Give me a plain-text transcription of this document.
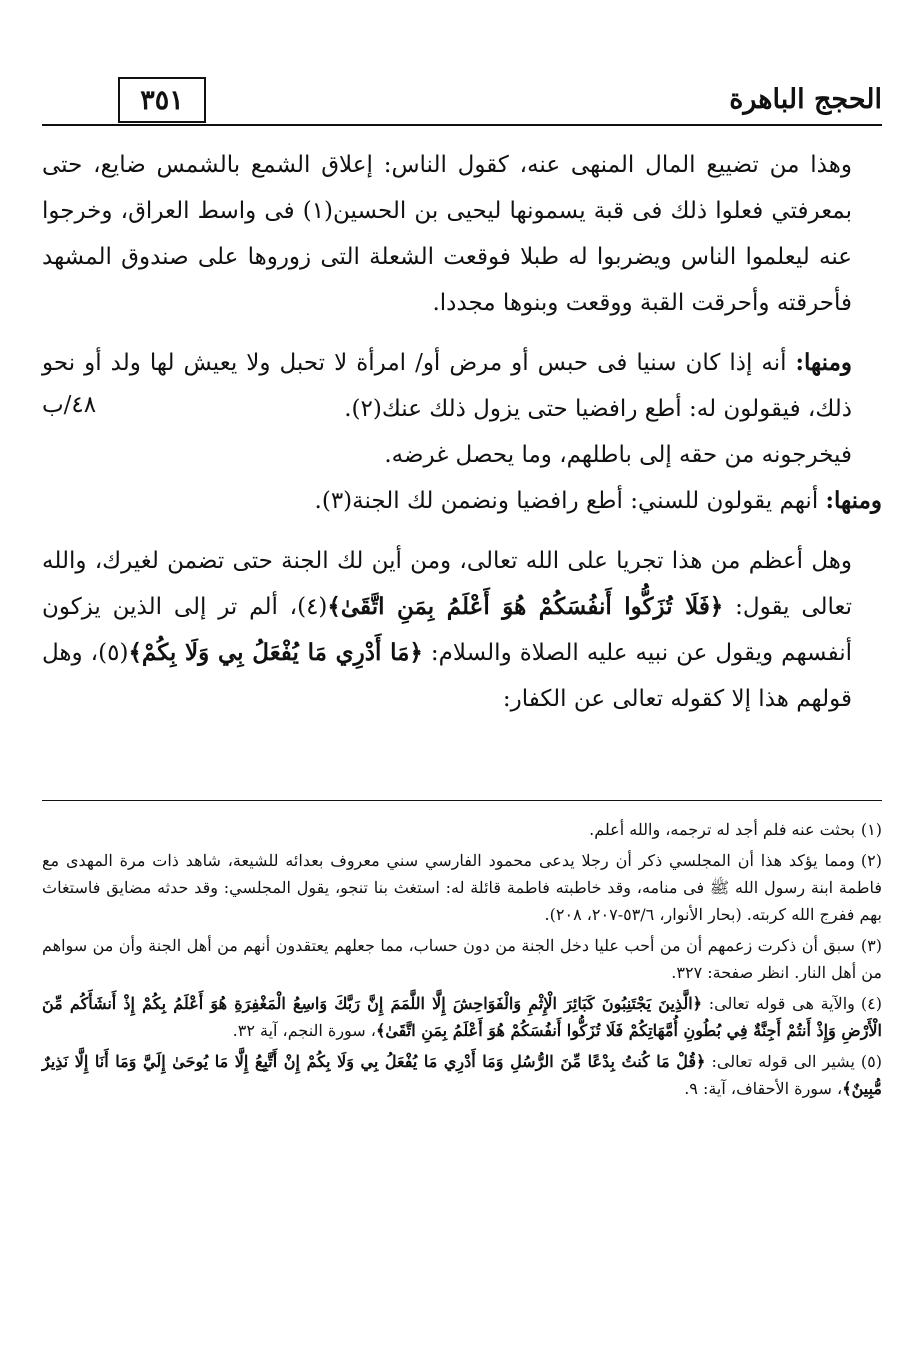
الحجج الباهرة
٣٥١
٤٨/ب

وهذا من تضييع المال المنهى عنه، كقول الناس: إعلاق الشمع بالشمس ضايع، حتى بمعرفتي فعلوا ذلك فى قبة يسمونها ليحيى بن الحسين(١) فى واسط العراق، وخرجوا عنه ليعلموا الناس ويضربوا له طبلا فوقعت الشعلة التى زوروها على صندوق المشهد فأحرقته وأحرقت القبة ووقعت وبنوها مجددا.

ومنها: أنه إذا كان سنيا فى حبس أو مرض أو/ امرأة لا تحبل ولا يعيش لها ولد أو نحو ذلك، فيقولون له: أطع رافضيا حتى يزول ذلك عنك(٢).

فيخرجونه من حقه إلى باطلهم، وما يحصل غرضه.

ومنها: أنهم يقولون للسني: أطع رافضيا ونضمن لك الجنة(٣).

وهل أعظم من هذا تجريا على الله تعالى، ومن أين لك الجنة حتى تضمن لغيرك، والله تعالى يقول: ﴿فَلَا تُزَكُّوا أَنفُسَكُمْ هُوَ أَعْلَمُ بِمَنِ اتَّقَىٰ﴾(٤)، ألم تر إلى الذين يزكون أنفسهم ويقول عن نبيه عليه الصلاة والسلام: ﴿مَا أَدْرِي مَا يُفْعَلُ بِي وَلَا بِكُمْ﴾(٥)، وهل قولهم هذا إلا كقوله تعالى عن الكفار:

(١)بحثت عنه فلم أجد له ترجمه، والله أعلم.

(٢)ومما يؤكد هذا أن المجلسي ذكر أن رجلا يدعى محمود الفارسي سني معروف بعدائه للشيعة، شاهد ذات مرة المهدى مع فاطمة ابنة رسول الله ﷺ فى منامه، وقد خاطبته فاطمة قائلة له: استغث بنا تنجو، يقول المجلسي: وقد حدثه مضايق فاستغاث بهم ففرج الله كربته. (بحار الأنوار، ٥٣/٦-٢٠٧، ٢٠٨).

(٣)سبق أن ذكرت زعمهم أن من أحب عليا دخل الجنة من دون حساب، مما جعلهم يعتقدون أنهم من أهل الجنة وأن من سواهم من أهل النار. انظر صفحة: ٣٢٧.

(٤)والآية هى قوله تعالى: ﴿الَّذِينَ يَجْتَنِبُونَ كَبَائِرَ الْإِثْمِ وَالْفَوَاحِشَ إِلَّا اللَّمَمَ إِنَّ رَبَّكَ وَاسِعُ الْمَغْفِرَةِ هُوَ أَعْلَمُ بِكُمْ إِذْ أَنشَأَكُم مِّنَ الْأَرْضِ وَإِذْ أَنتُمْ أَجِنَّةٌ فِي بُطُونِ أُمَّهَاتِكُمْ فَلَا تُزَكُّوا أَنفُسَكُمْ هُوَ أَعْلَمُ بِمَنِ اتَّقَىٰ﴾، سورة النجم، آية ٣٢.

(٥)يشير الى قوله تعالى: ﴿قُلْ مَا كُنتُ بِدْعًا مِّنَ الرُّسُلِ وَمَا أَدْرِي مَا يُفْعَلُ بِي وَلَا بِكُمْ إِنْ أَتَّبِعُ إِلَّا مَا يُوحَىٰ إِلَيَّ وَمَا أَنَا إِلَّا نَذِيرٌ مُّبِينٌ﴾، سورة الأحقاف، آية: ٩.
